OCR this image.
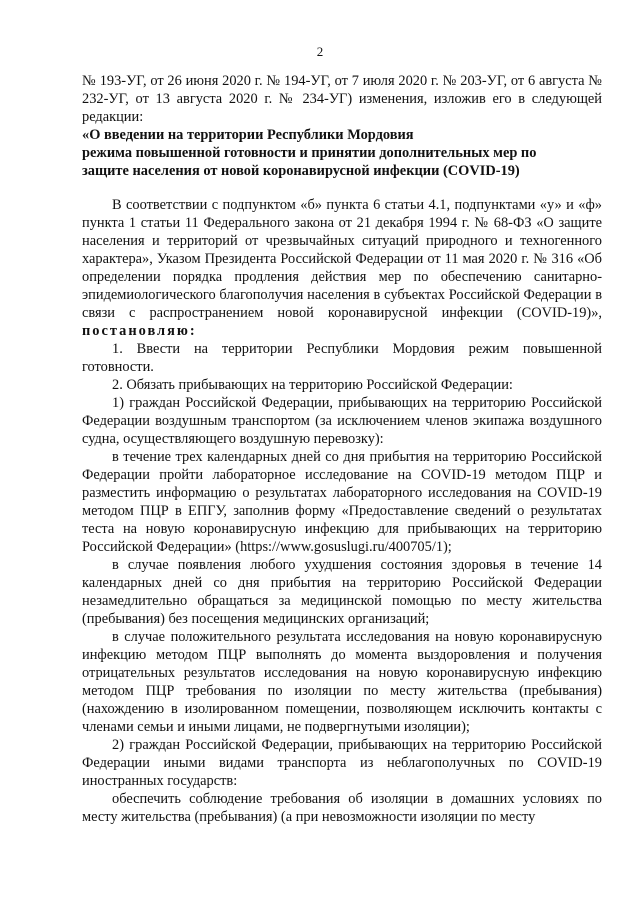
2

№ 193-УГ, от 26 июня 2020 г. № 194-УГ, от 7 июля 2020 г. № 203-УГ, от 6 августа № 232-УГ, от 13 августа 2020 г. № 234-УГ) изменения, изложив его в следующей редакции:

«О введении на территории Республики Мордовия

режима повышенной готовности и принятии дополнительных мер по

защите населения от новой коронавирусной инфекции (COVID-19)

В соответствии с подпунктом «б» пункта 6 статьи 4.1, подпунктами «у» и «ф» пункта 1 статьи 11 Федерального закона от 21 декабря 1994 г. № 68-ФЗ «О защите населения и территорий от чрезвычайных ситуаций природного и техногенного характера», Указом Президента Российской Федерации от 11 мая 2020 г. № 316 «Об определении порядка продления действия мер по обеспечению санитарно-эпидемиологического благополучия населения в субъектах Российской Федерации в связи с распространением новой коронавирусной инфекции (COVID-19)», постановляю:

1. Ввести на территории Республики Мордовия режим повышенной готовности.

2. Обязать прибывающих на территорию Российской Федерации:

1) граждан Российской Федерации, прибывающих на территорию Российской Федерации воздушным транспортом (за исключением членов экипажа воздушного судна, осуществляющего воздушную перевозку):

в течение трех календарных дней со дня прибытия на территорию Российской Федерации пройти лабораторное исследование на COVID-19 методом ПЦР и разместить информацию о результатах лабораторного исследования на COVID-19 методом ПЦР в ЕПГУ, заполнив форму «Предоставление сведений о результатах теста на новую коронавирусную инфекцию для прибывающих на территорию Российской Федерации» (https://www.gosuslugi.ru/400705/1);

в случае появления любого ухудшения состояния здоровья в течение 14 календарных дней со дня прибытия на территорию Российской Федерации незамедлительно обращаться за медицинской помощью по месту жительства (пребывания) без посещения медицинских организаций;

в случае положительного результата исследования на новую коронавирусную инфекцию методом ПЦР выполнять до момента выздоровления и получения отрицательных результатов исследования на новую коронавирусную инфекцию методом ПЦР требования по изоляции по месту жительства (пребывания) (нахождению в изолированном помещении, позволяющем исключить контакты с членами семьи и иными лицами, не подвергнутыми изоляции);

2) граждан Российской Федерации, прибывающих на территорию Российской Федерации иными видами транспорта из неблагополучных по COVID-19 иностранных государств:

обеспечить соблюдение требования об изоляции в домашних условиях по месту жительства (пребывания) (а при невозможности изоляции по месту
